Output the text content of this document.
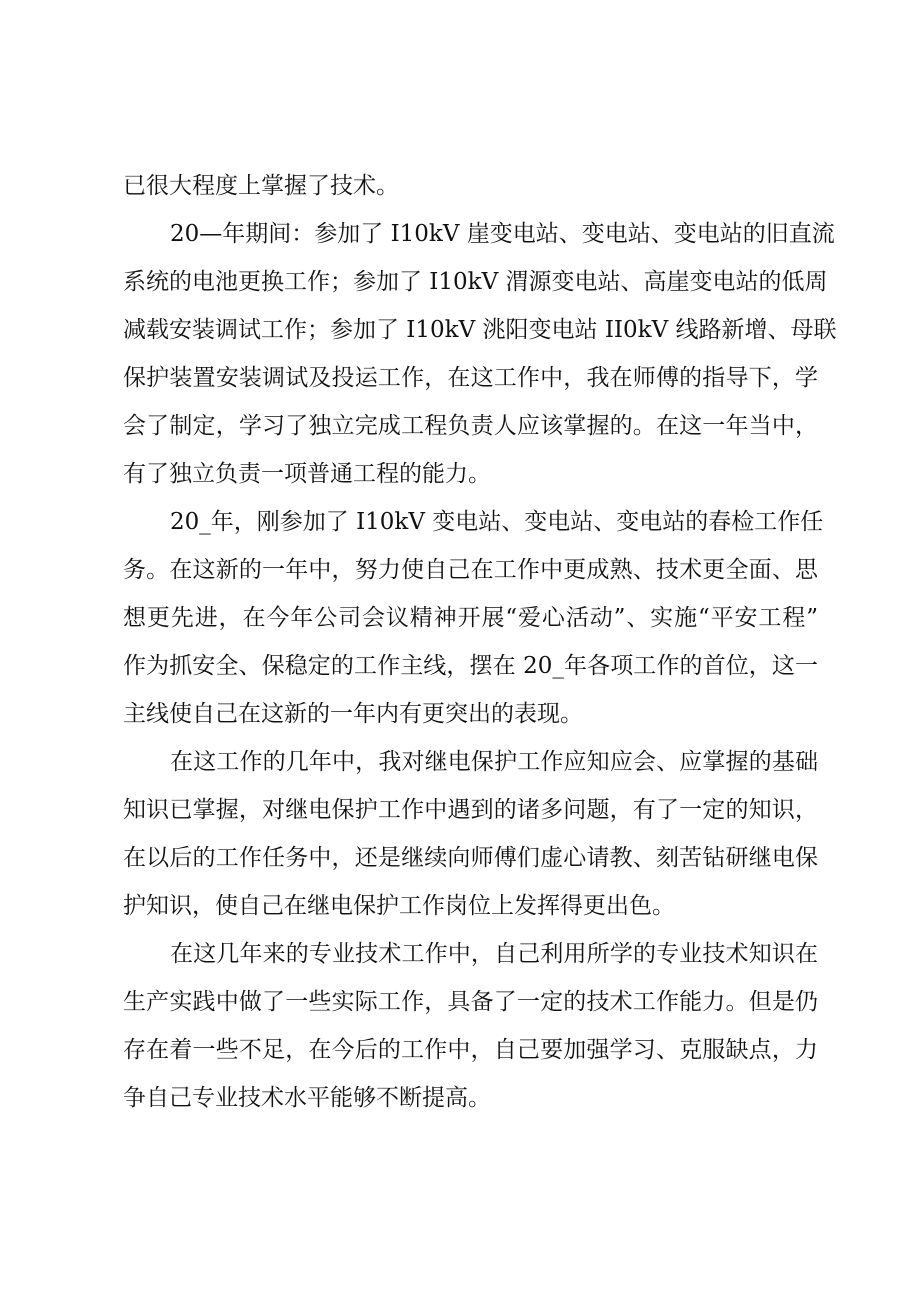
已很大程度上掌握了技术。
20—年期间：参加了 I10kV 崖变电站、变电站、变电站的旧直流
系统的电池更换工作；参加了 I10kV 渭源变电站、高崖变电站的低周
减载安装调试工作；参加了 I10kV 洮阳变电站 II0kV 线路新增、母联
保护装置安装调试及投运工作，在这工作中，我在师傅的指导下，学
会了制定，学习了独立完成工程负责人应该掌握的。在这一年当中，
有了独立负责一项普通工程的能力。
20_年，刚参加了 I10kV 变电站、变电站、变电站的春检工作任
务。在这新的一年中，努力使自己在工作中更成熟、技术更全面、思
想更先进，在今年公司会议精神开展“爱心活动”、实施“平安工程”
作为抓安全、保稳定的工作主线，摆在 20_年各项工作的首位，这一
主线使自己在这新的一年内有更突出的表现。
在这工作的几年中，我对继电保护工作应知应会、应掌握的基础
知识已掌握，对继电保护工作中遇到的诸多问题，有了一定的知识，
在以后的工作任务中，还是继续向师傅们虚心请教、刻苦钻研继电保
护知识，使自己在继电保护工作岗位上发挥得更出色。
在这几年来的专业技术工作中，自己利用所学的专业技术知识在
生产实践中做了一些实际工作，具备了一定的技术工作能力。但是仍
存在着一些不足，在今后的工作中，自己要加强学习、克服缺点，力
争自己专业技术水平能够不断提高。
